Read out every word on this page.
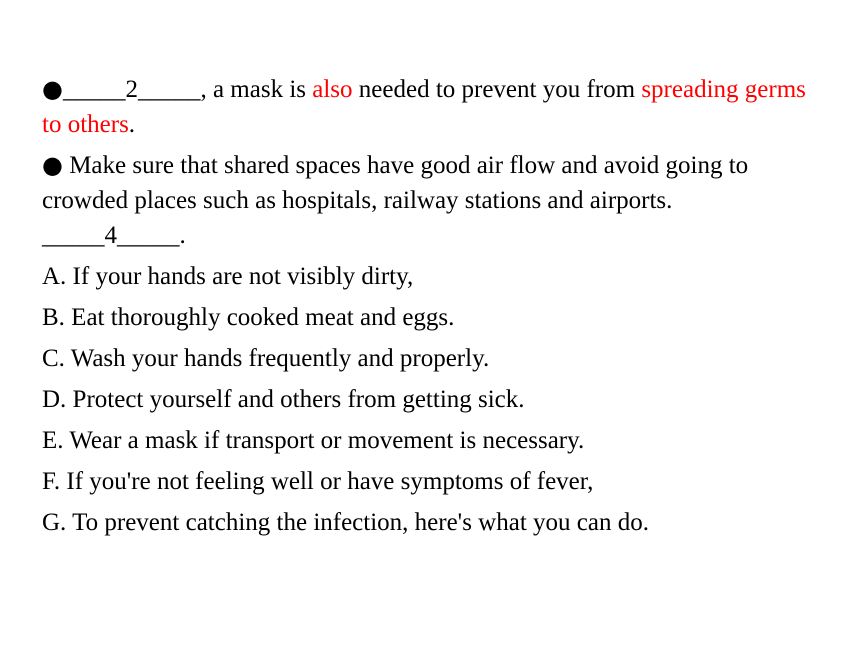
●_____2_____, a mask is also needed to prevent you from spreading germs to others.

● Make sure that shared spaces have good air flow and avoid going to crowded places such as hospitals, railway stations and airports. _____4_____.

A. If your hands are not visibly dirty,
B. Eat thoroughly cooked meat and eggs.
C. Wash your hands frequently and properly.
D. Protect yourself and others from getting sick.
E. Wear a mask if transport or movement is necessary.
F. If you're not feeling well or have symptoms of fever,
G. To prevent catching the infection, here's what you can do.
